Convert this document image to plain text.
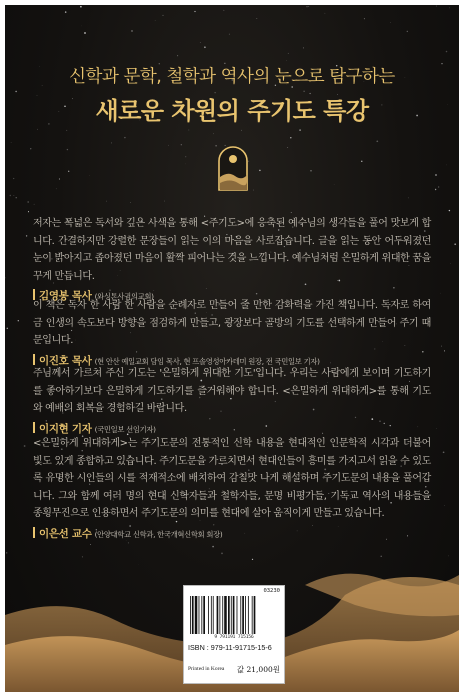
신학과 문학, 철학과 역사의 눈으로 탐구하는
새로운 차원의 주기도 특강

저자는 폭넓은 독서와 깊은 사색을 통해 <주기도>에 응축된 예수님의 생각들을 풀어 맛보게 합니다. 간결하지만 강렬한 문장들이 읽는 이의 마음을 사로잡습니다. 글을 읽는 동안 어두워졌던 눈이 밝아지고 좁아졌던 마음이 활짝 피어나는 것을 느낍니다. 예수님처럼 은밀하게 위대한 꿈을 꾸게 만듭니다.

김영봉 목사 (와싱톤사귐의교회)

이 책은 독자 한 사람 한 사람을 순례자로 만들어 줄 만한 감화력을 가진 책입니다. 독자로 하여금 인생의 속도보다 방향을 점검하게 만들고, 광장보다 골방의 기도를 선택하게 만들어 주기 때문입니다.

이진호 목사 (현 안산 예일교회 담임 목사, 현 프솔영성아카데미 원장, 전 국민일보 기자)

주님께서 가르쳐 주신 기도는 '은밀하게 위대한 기도'입니다. 우리는 사람에게 보이며 기도하기를 좋아하기보다 은밀하게 기도하기를 즐거워해야 합니다. <은밀하게 위대하게>를 통해 기도와 예배의 회복을 경험하길 바랍니다.

이지현 기자 (국민일보 선임기자)

<은밀하게 위대하게>는 주기도문의 전통적인 신학 내용을 현대적인 인문학적 시각과 더불어 빛도 있게 종합하고 있습니다. 주기도문을 가르치면서 현대인들이 흥미를 가지고서 읽을 수 있도록 유명한 시인들의 시를 적재적소에 배치하여 감칠맛 나게 해설하며 주기도문의 내용을 풀어갑니다. 그와 함께 여러 명의 현대 신학자들과 철학자들, 문명 비평가들, 기독교 역사의 내용들을 종횡무진으로 인용하면서 주기도문의 의미를 현대에 살아 움직이게 만들고 있습니다.

이은선 교수 (안양대학교 신학과, 한국개혁신학회 회장)
03230
9 791191 715156
ISBN : 979-11-91715-15-6
Printed in Korea 값 21,000원
